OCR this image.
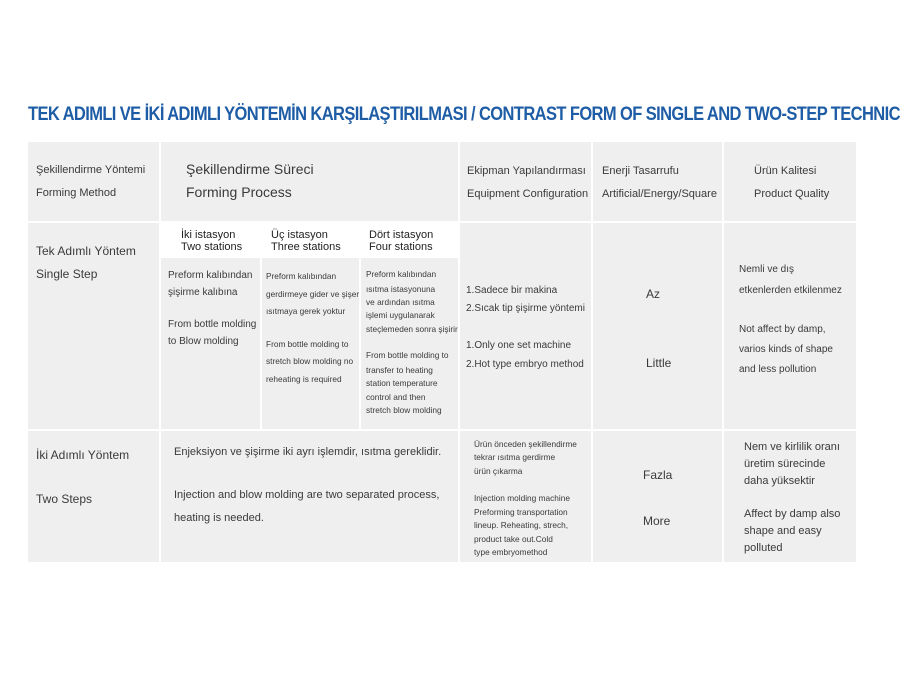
TEK ADIMLI VE İKİ ADIMLI YÖNTEMİN KARŞILAŞTIRILMASI / CONTRAST FORM OF SINGLE AND TWO-STEP TECHNIC
Şekillendirme Yöntemi
Forming Method
Şekillendirme Süreci
Forming Process
Ekipman Yapılandırması
Equipment Configuration
Enerji Tasarrufu
Artificial/Energy/Square
Ürün Kalitesi
Product Quality
Tek Adımlı Yöntem
Single Step
İki istasyon
Two stations
Üç istasyon
Three stations
Dört istasyon
Four stations
Preform kalıbından
şişirme kalıbına
From bottle molding
to Blow molding
Preform kalıbından
gerdirmeye gider ve şişer
ısıtmaya gerek yoktur
From bottle molding to
stretch blow molding no
reheating is required
Preform kalıbından
ısıtma istasyonuna
ve ardından ısıtma
işlemi uygulanarak
steçlemeden sonra şişirir
From bottle molding to
transfer to heating
station temperature
control and then
stretch blow molding
1.Sadece bir makina
2.Sıcak tip şişirme yöntemi
1.Only one set machine
2.Hot type embryo method
Az
Little
Nemli ve dış
etkenlerden etkilenmez
Not affect by damp,
varios kinds of shape
and less pollution
İki Adımlı Yöntem
Two Steps
Enjeksiyon ve şişirme iki ayrı işlemdir, ısıtma gereklidir.
Injection and blow molding are two separated process,
heating is needed.
Ürün önceden şekillendirme
tekrar ısıtma gerdirme
ürün çıkarma
Injection molding machine
Preforming transportation
lineup. Reheating, strech,
product take out.Cold
type embryomethod
Fazla
More
Nem ve kirlilik oranı
üretim sürecinde
daha yüksektir
Affect by damp also
shape and easy
polluted
